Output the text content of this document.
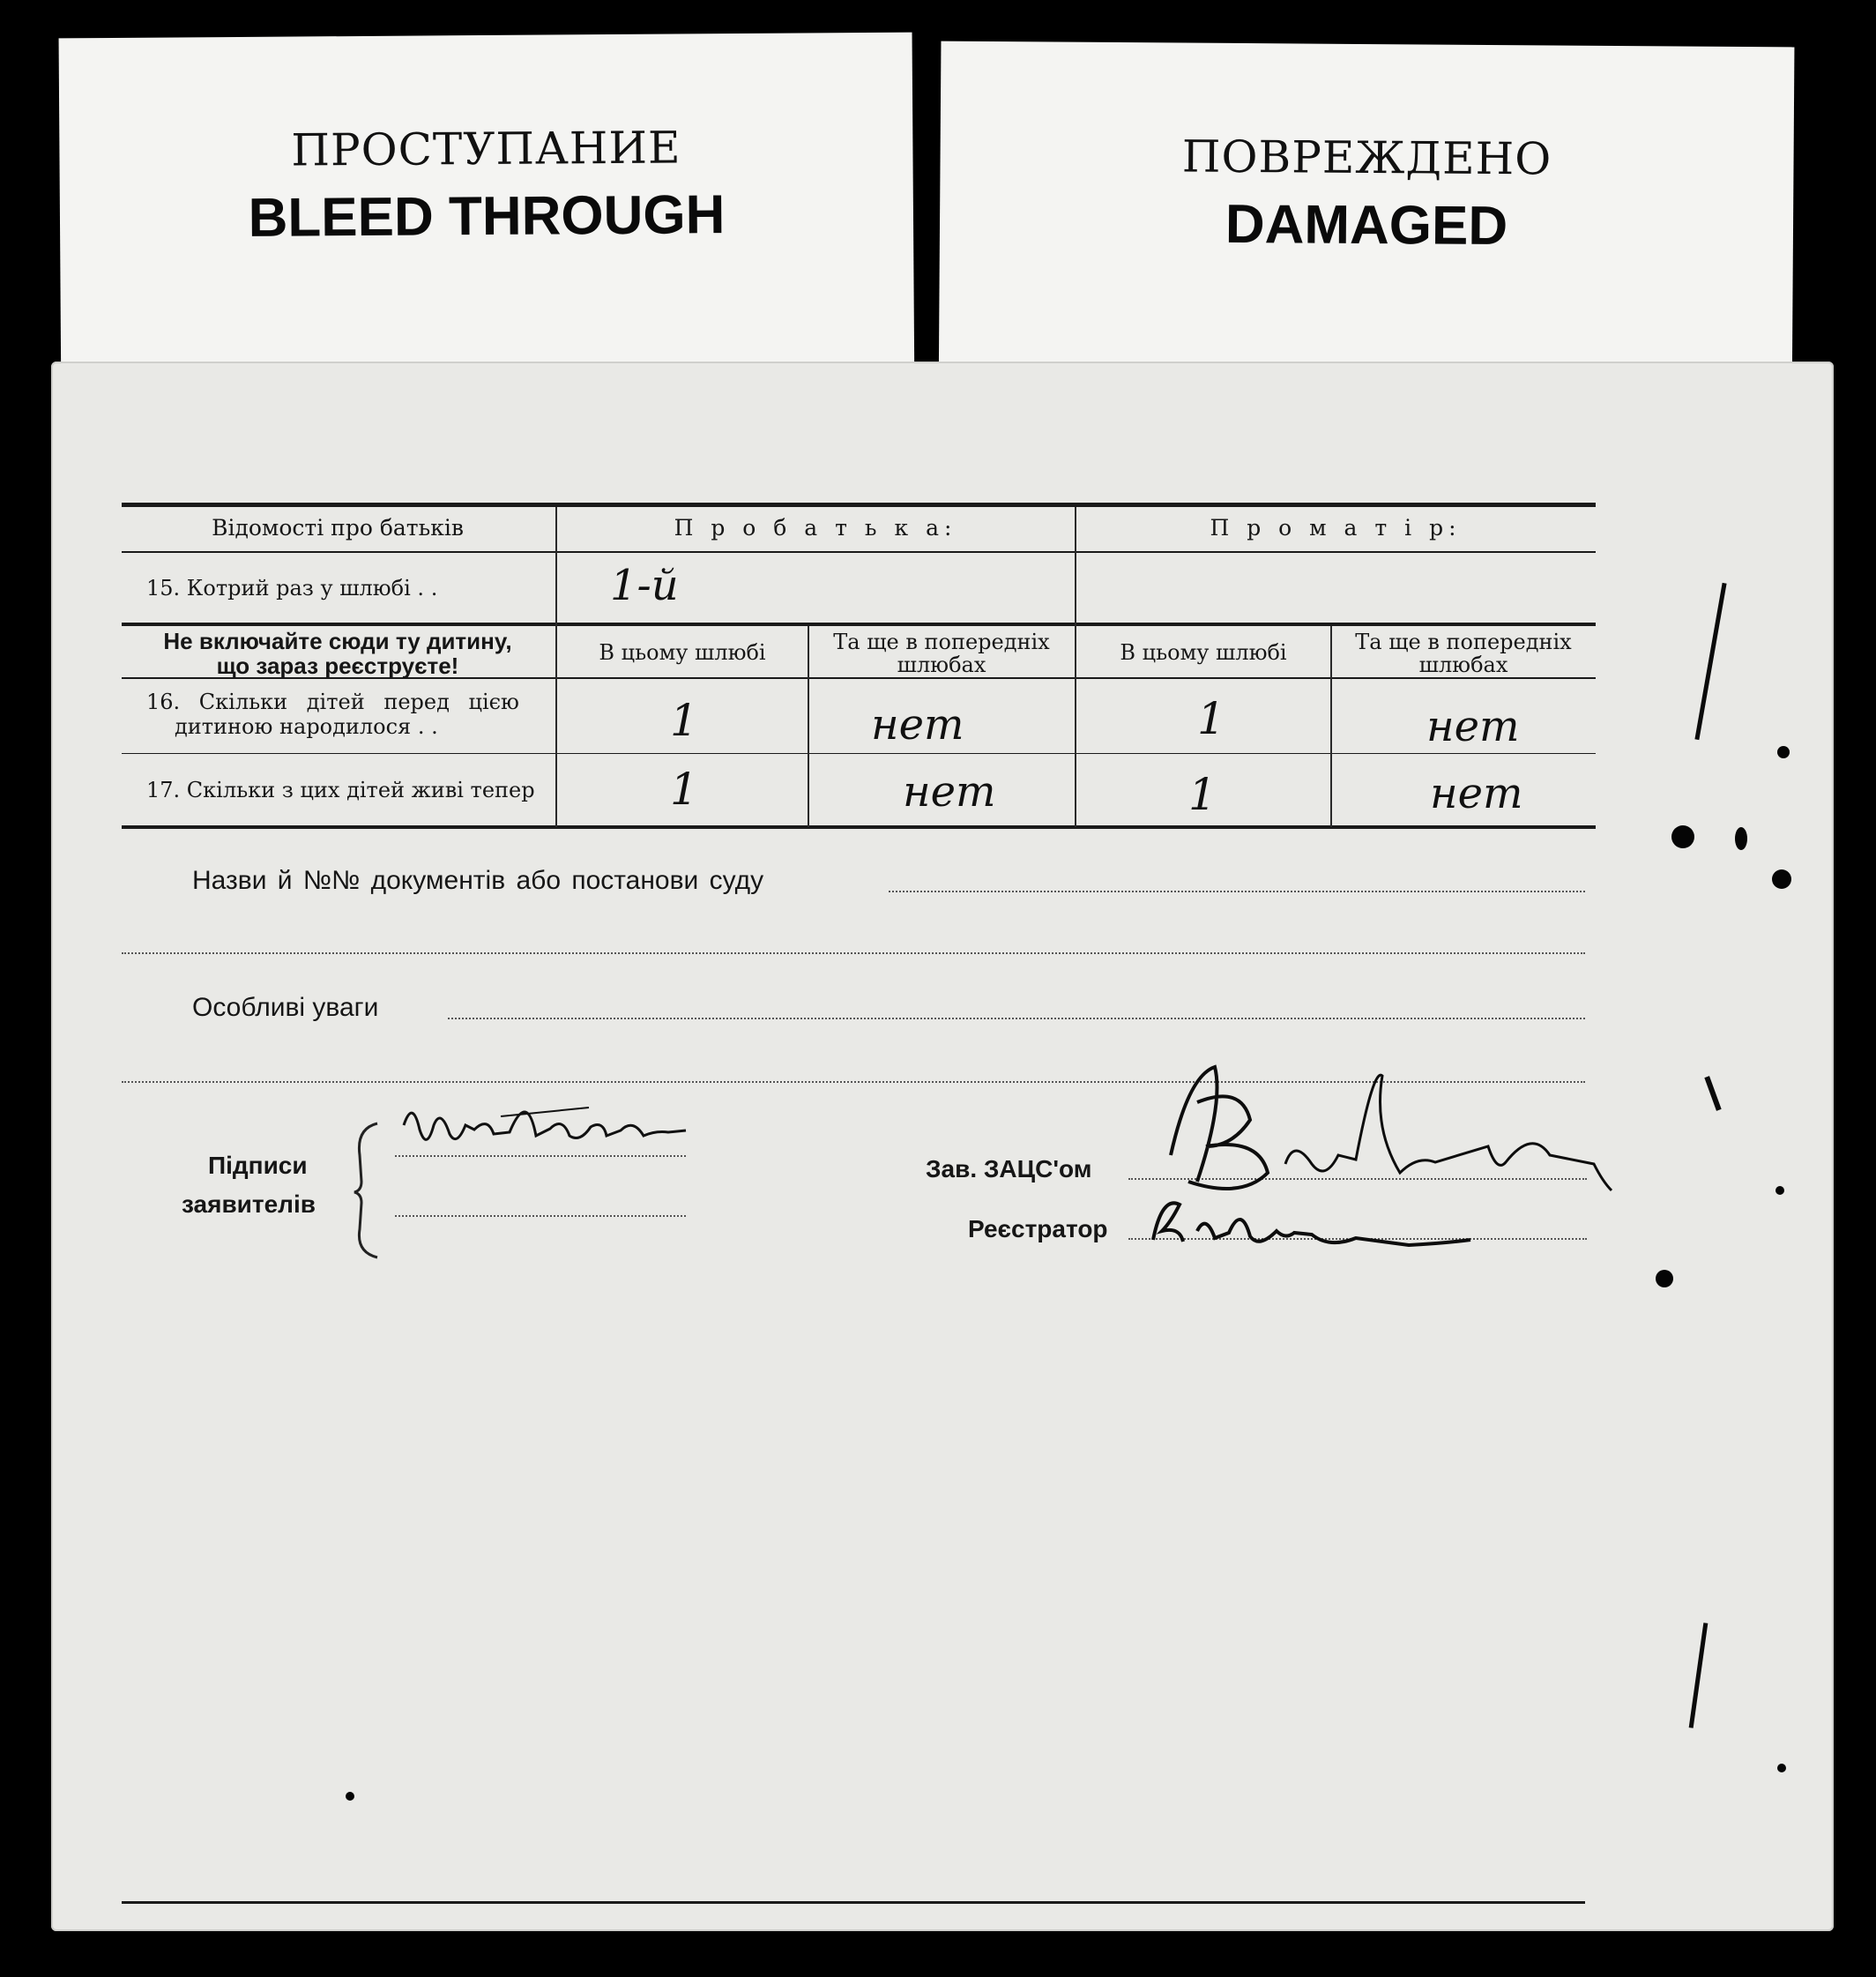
ПРОСТУПАНИЕ
BLEED THROUGH
ПОВРЕЖДЕНО
DAMAGED
Відомості про батьків	П р о б а т ь к а:	П р о м а т і р:
15. Котрий раз у шлюбі . .	1-й
Не включайте сюди ту дитину,
що зараз реєструєте!	В цьому шлюбі	Та ще в попередніх
шлюбах	В цьому шлюбі	Та ще в попередніх
шлюбах
16. Скільки дітей перед цією
дитиною народилося . .	1	нет	1	нет
17. Скільки з цих дітей живі тепер	1	нет	1	нет
Назви й №№ документів або постанови суду
Особливі уваги
Підписи
заявителів
Зав. ЗАЦС'ом
Реєстратор
